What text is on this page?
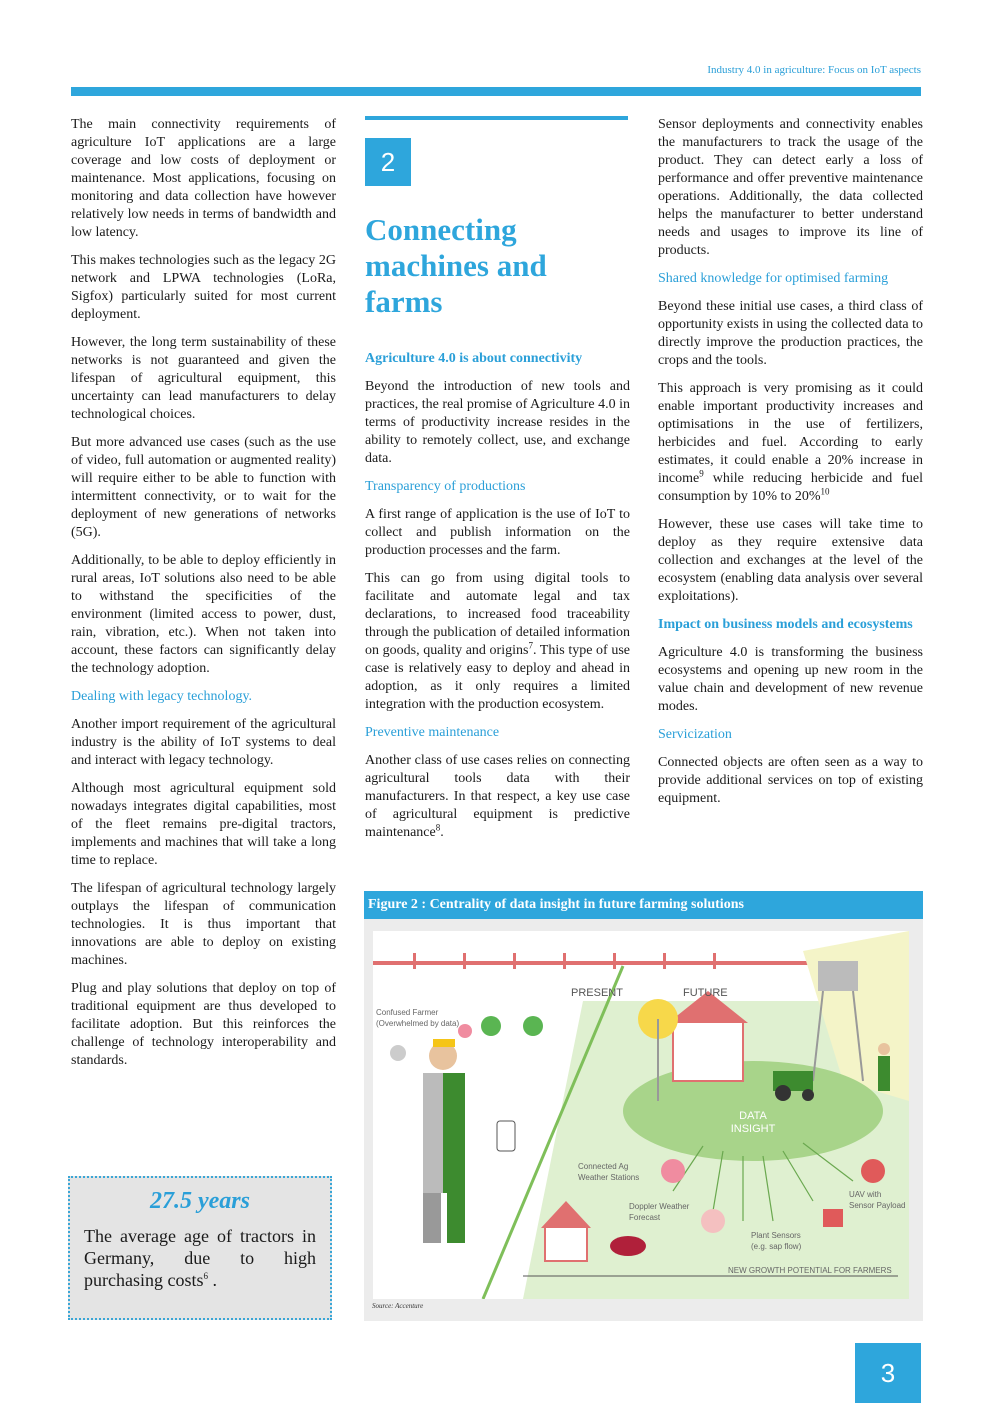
Industry 4.0 in agriculture: Focus on IoT aspects

The main connectivity requirements of agriculture IoT applications are a large coverage and low costs of deployment or maintenance. Most applications, focusing on monitoring and data collection have however relatively low needs in terms of bandwidth and low latency.

This makes technologies such as the legacy 2G network and LPWA technologies (LoRa, Sigfox) particularly suited for most current deployment.

However, the long term sustainability of these networks is not guaranteed and given the lifespan of agricultural equipment, this uncertainty can lead manufacturers to delay technological choices.

But more advanced use cases (such as the use of video, full automation or augmented reality) will require either to be able to function with intermittent connectivity, or to wait for the deployment of new generations of networks (5G).

Additionally, to be able to deploy efficiently in rural areas, IoT solutions also need to be able to withstand the specificities of the environment (limited access to power, dust, rain, vibration, etc.). When not taken into account, these factors can significantly delay the technology adoption.

Dealing with legacy technology.

Another import requirement of the agricultural industry is the ability of IoT systems to deal and interact with legacy technology.

Although most agricultural equipment sold nowadays integrates digital capabilities, most of the fleet remains pre-digital tractors, implements and machines that will take a long time to replace.

The lifespan of agricultural technology largely outplays the lifespan of communication technologies. It is thus important that innovations are able to deploy on existing machines.

Plug and play solutions that deploy on top of traditional equipment are thus developed to facilitate adoption. But this reinforces the challenge of technology interoperability and standards.

27.5 years
The average age of tractors in Germany, due to high purchasing costs$^6$ .
2
Connecting machines and farms

Agriculture 4.0 is about connectivity

Beyond the introduction of new tools and practices, the real promise of Agriculture 4.0 in terms of productivity increase resides in the ability to remotely collect, use, and exchange data.

Transparency of productions

A first range of application is the use of IoT to collect and publish information on the production processes and the farm.

This can go from using digital tools to facilitate and automate legal and tax declarations, to increased food traceability through the publication of detailed information on goods, quality and origins$^7$. This type of use case is relatively easy to deploy and ahead in adoption, as it only requires a limited integration with the production ecosystem.

Preventive maintenance

Another class of use cases relies on connecting agricultural tools data with their manufacturers. In that respect, a key use case of agricultural equipment is predictive maintenance$^8$.

Sensor deployments and connectivity enables the manufacturers to track the usage of the product. They can detect early a loss of performance and offer preventive maintenance operations. Additionally, the data collected helps the manufacturer to better understand needs and usages to improve its line of products.

Shared knowledge for optimised farming

Beyond these initial use cases, a third class of opportunity exists in using the collected data to directly improve the production practices, the crops and the tools.

This approach is very promising as it could enable important productivity increases and optimisations in the use of fertilizers, herbicides and fuel. According to early estimates, it could enable a 20% increase in income$^9$ while reducing herbicide and fuel consumption by 10% to 20%$^{10}$

However, these use cases will take time to deploy as they require extensive data collection and exchanges at the level of the ecosystem (enabling data analysis over several exploitations).

Impact on business models and ecosystems

Agriculture 4.0 is transforming the business ecosystems and opening up new room in the value chain and development of new revenue modes.

Servicization

Connected objects are often seen as a way to provide additional services on top of existing equipment.

Figure 2 : Centrality of data insight in future farming solutions
DATA
INSIGHT
PRESENT	FUTURE
Confused Farmer
(Overwhelmed by data)
Connected Ag
Weather Stations
Doppler Weather
Forecast
Plant Sensors
(e.g. sap flow)
UAV with
Sensor Payload
NEW GROWTH POTENTIAL FOR FARMERS
Source: Accenture
3
